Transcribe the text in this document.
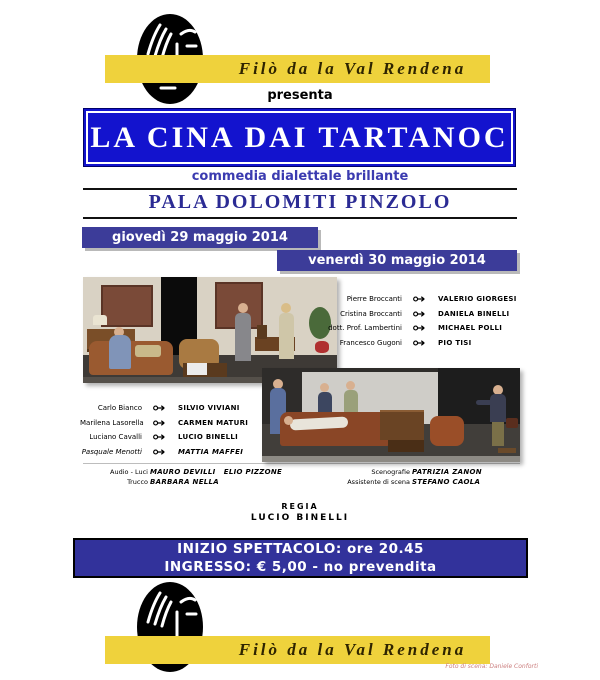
Filò da la Val Rendena
presenta
LA CINA DAI TARTANOC
commedia dialettale brillante
PALA DOLOMITI PINZOLO
giovedì 29 maggio 2014
venerdì 30 maggio 2014
Pierre Broccanti	VALERIO GIORGESI
Cristina Broccanti	DANIELA BINELLI
dott. Prof. Lambertini	MICHAEL POLLI
Francesco Gugoni	PIO TISI
Carlo Bianco	SILVIO VIVIANI
Marilena Lasorella	CARMEN MATURI
Luciano Cavalli	LUCIO BINELLI
Pasquale Menotti	MATTIA MAFFEI
Audio - Luci MAURO DEVILLI   ELIO PIZZONE
Trucco BARBARA NELLA
Scenografie PATRIZIA ZANON
Assistente di scena STEFANO CAOLA
REGIA
LUCIO BINELLI
INIZIO SPETTACOLO: ore 20.45
INGRESSO: € 5,00 - no prevendita
Filò da la Val Rendena
Foto di scena: Daniele Conforti
